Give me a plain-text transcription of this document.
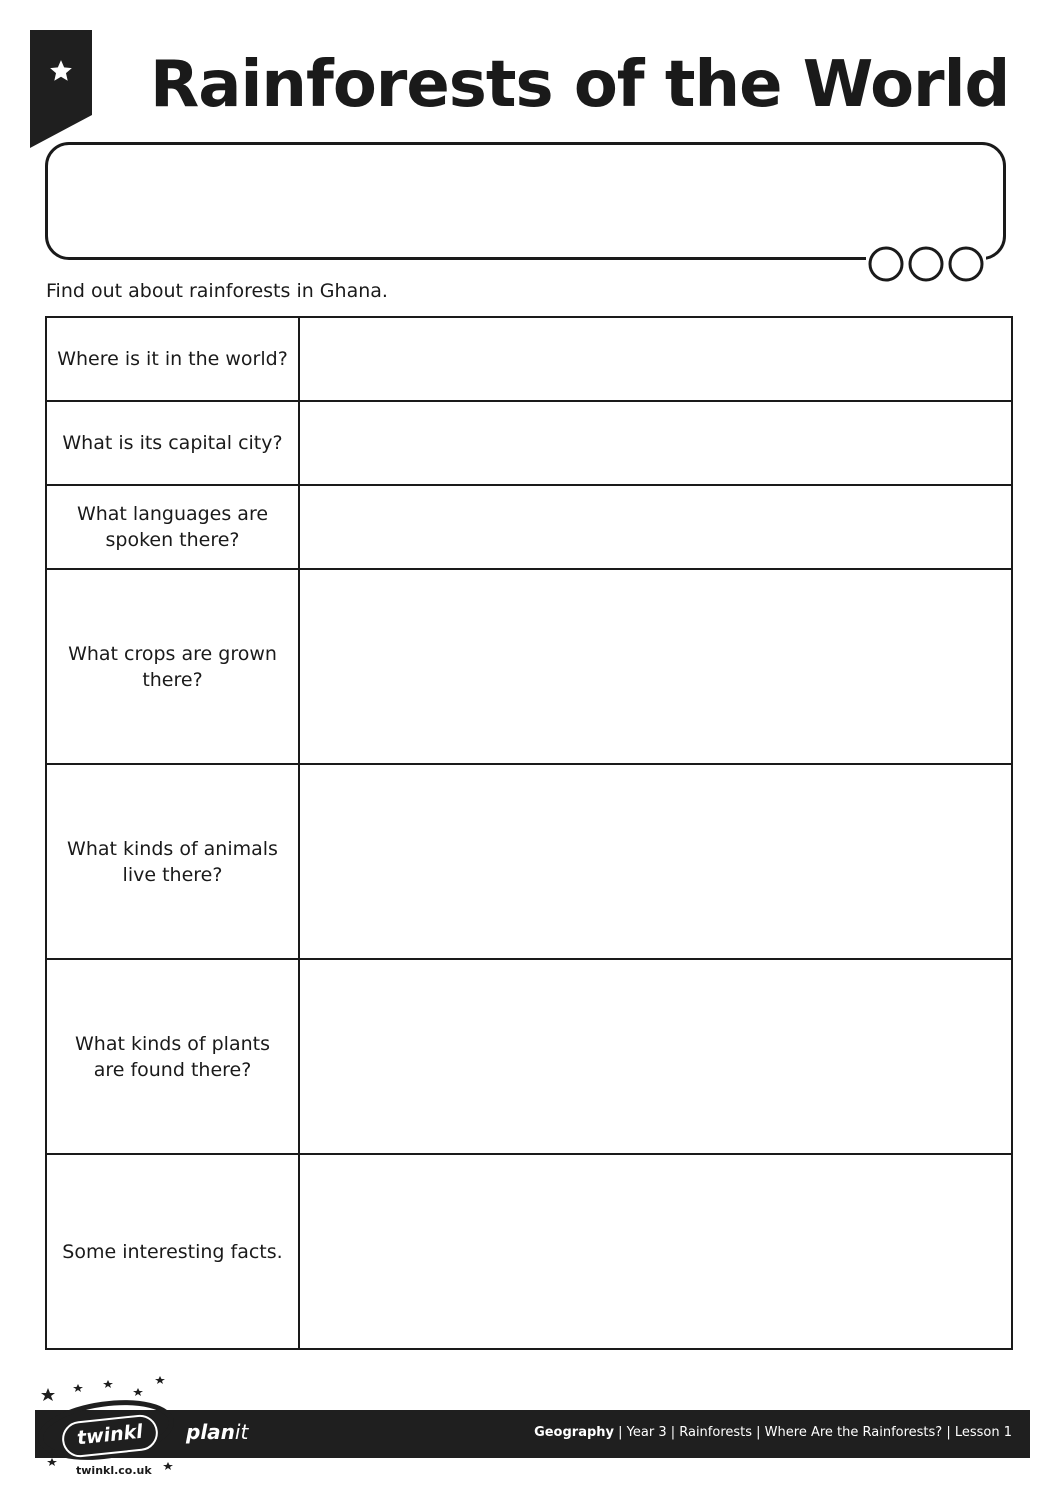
Rainforests of the World

Find out about rainforests in Ghana.

Where is it in the world?	
What is its capital city?	
What languages are spoken there?	
What crops are grown there?	
What kinds of animals live there?	
What kinds of plants are found there?	
Some interesting facts.	
twinkl
twinkl.co.uk
planit	Geography | Year 3 | Rainforests | Where Are the Rainforests? | Lesson 1
